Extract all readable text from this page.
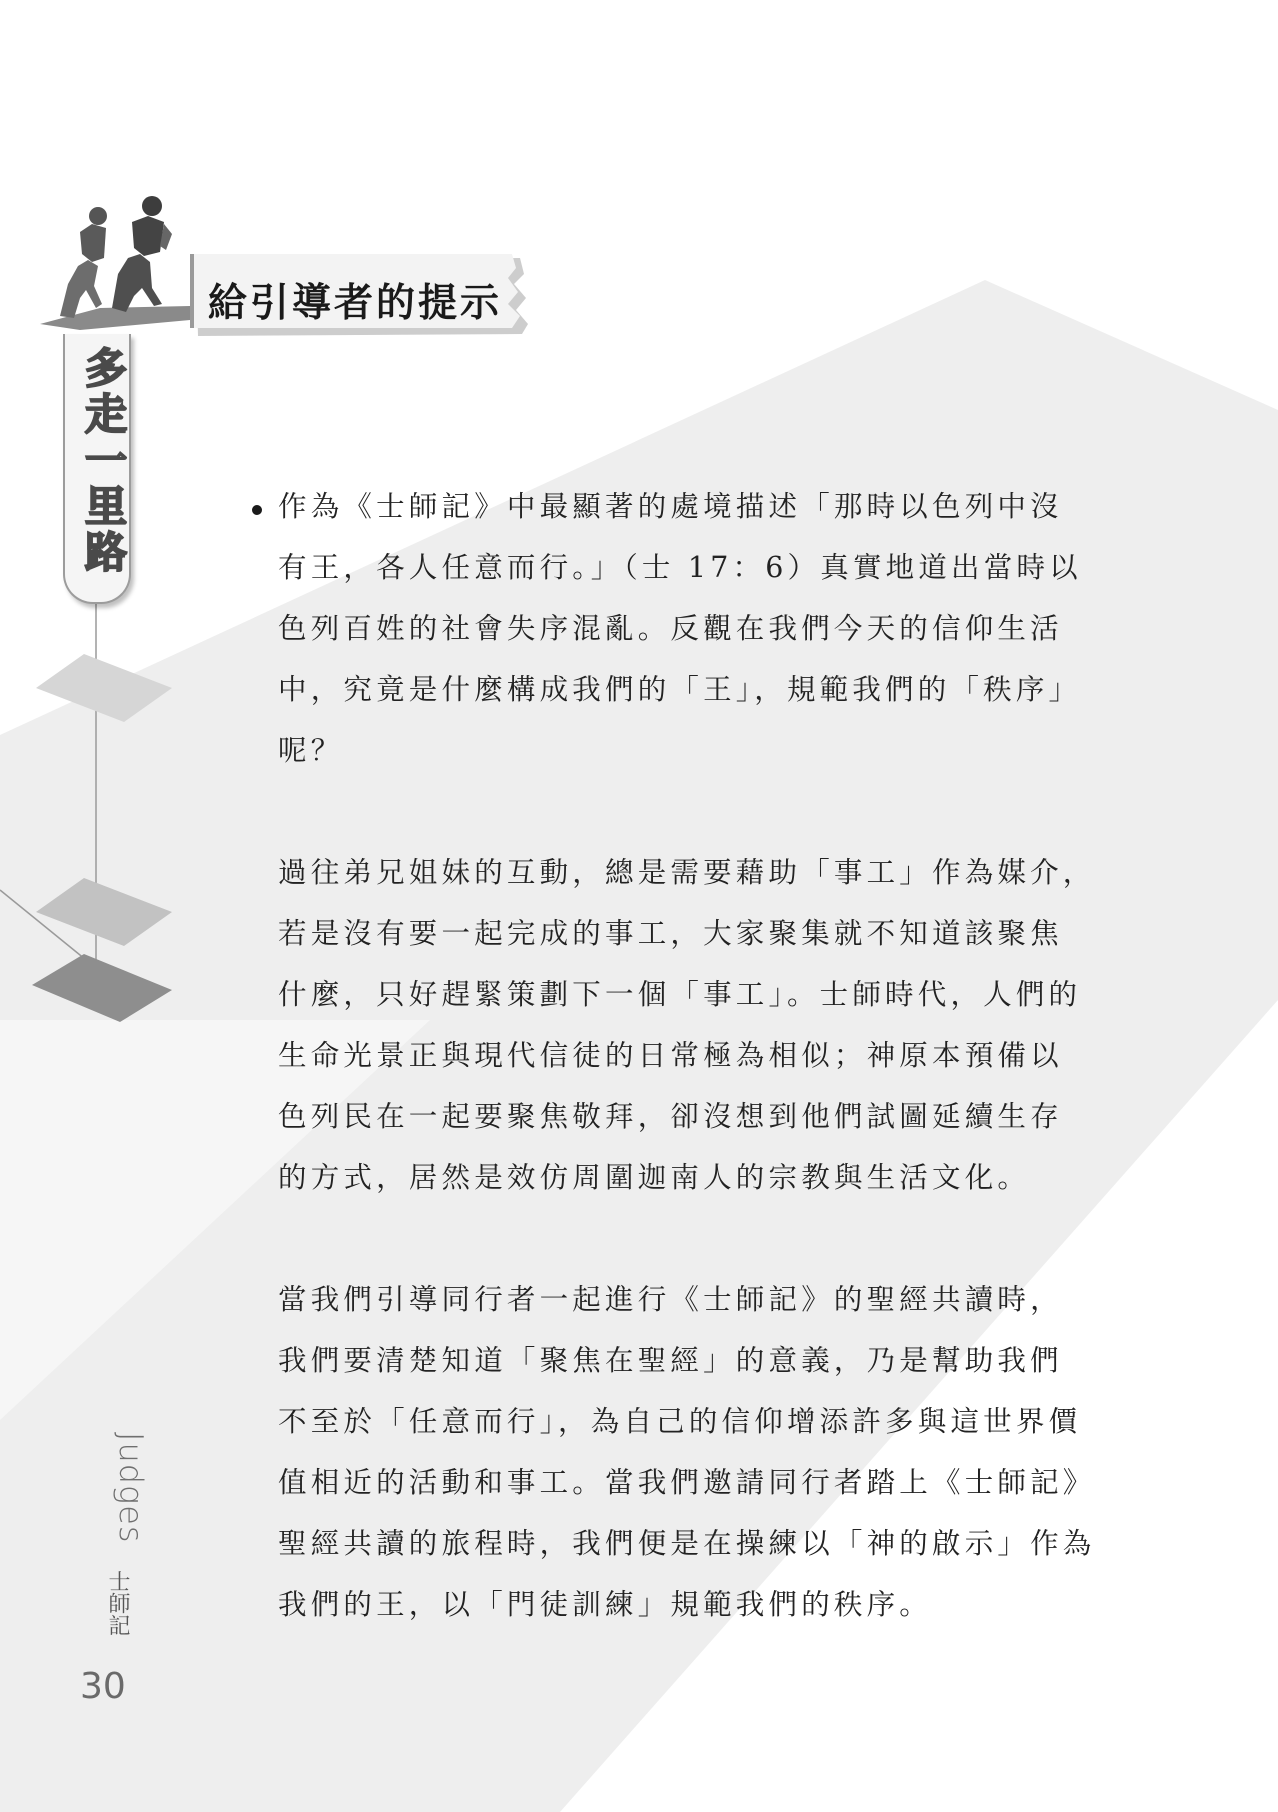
給引導者的提示
多走一里路	作為《士師記》中最顯著的處境描述「那時以色列中沒
有王，各人任意而行。」（士 17：6）真實地道出當時以
色列百姓的社會失序混亂。反觀在我們今天的信仰生活
中，究竟是什麼構成我們的「王」，規範我們的「秩序」
呢？

過往弟兄姐妹的互動，總是需要藉助「事工」作為媒介，
若是沒有要一起完成的事工，大家聚集就不知道該聚焦
什麼，只好趕緊策劃下一個「事工」。士師時代，人們的
生命光景正與現代信徒的日常極為相似；神原本預備以
色列民在一起要聚焦敬拜，卻沒想到他們試圖延續生存
的方式，居然是效仿周圍迦南人的宗教與生活文化。

當我們引導同行者一起進行《士師記》的聖經共讀時，
我們要清楚知道「聚焦在聖經」的意義，乃是幫助我們
不至於「任意而行」，為自己的信仰增添許多與這世界價
值相近的活動和事工。當我們邀請同行者踏上《士師記》
聖經共讀的旅程時，我們便是在操練以「神的啟示」作為
我們的王，以「門徒訓練」規範我們的秩序。

Judges
士師記
30
